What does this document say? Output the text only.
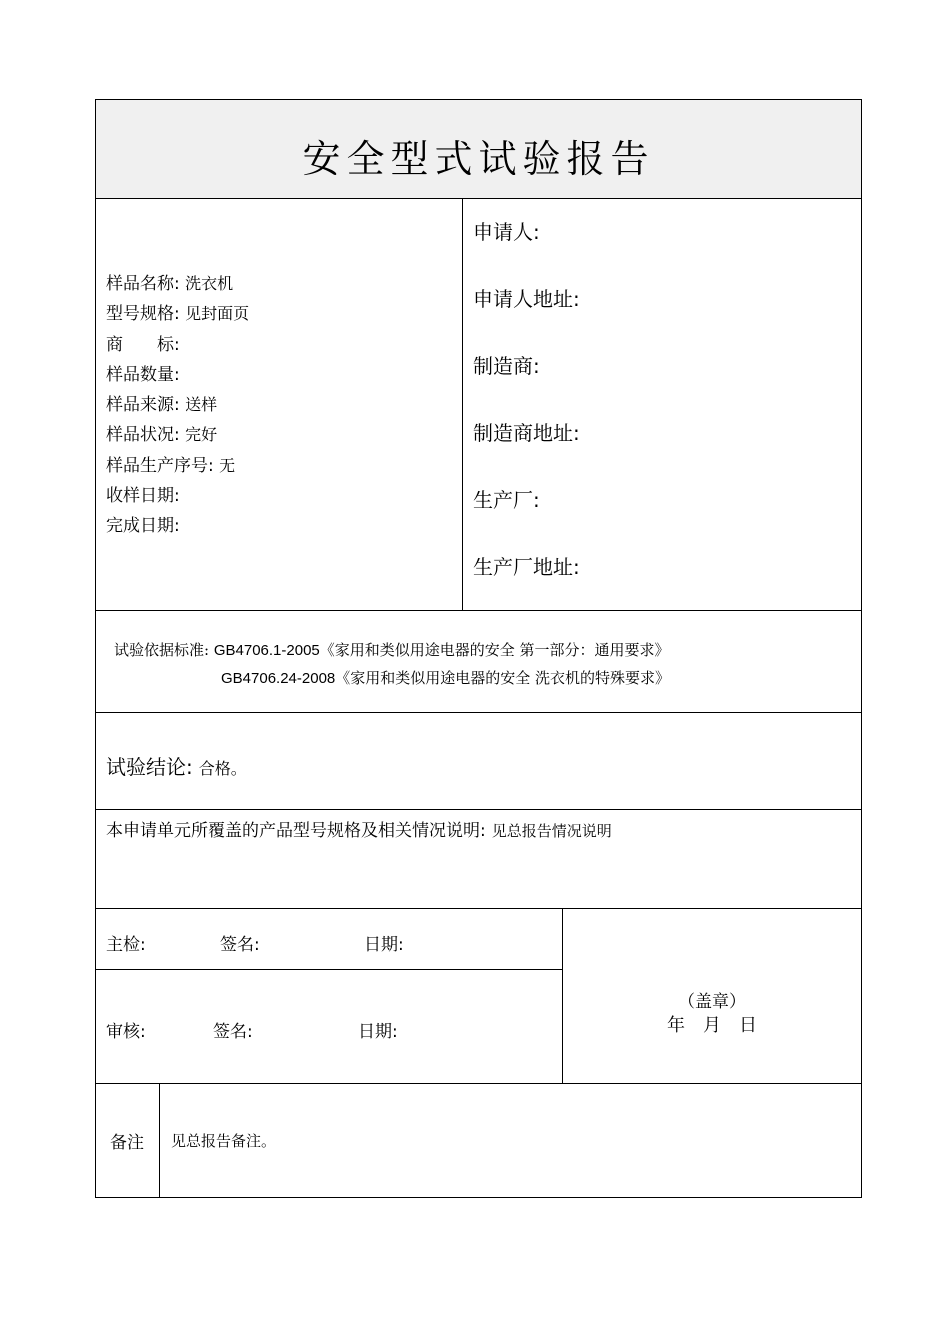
安全型式试验报告
样品名称: 洗衣机
型号规格: 见封面页
商　　标:
样品数量:
样品来源: 送样
样品状况: 完好
样品生产序号: 无
收样日期:
完成日期:
申请人:
申请人地址:
制造商:
制造商地址:
生产厂:
生产厂地址:
试验依据标准: GB4706.1-2005《家用和类似用途电器的安全 第一部分：通用要求》
GB4706.24-2008《家用和类似用途电器的安全 洗衣机的特殊要求》
试验结论: 合格。
本申请单元所覆盖的产品型号规格及相关情况说明: 见总报告情况说明
主检:	签名:	日期:
审核:	签名:	日期:
（盖章）
年 月 日
备注 见总报告备注。
